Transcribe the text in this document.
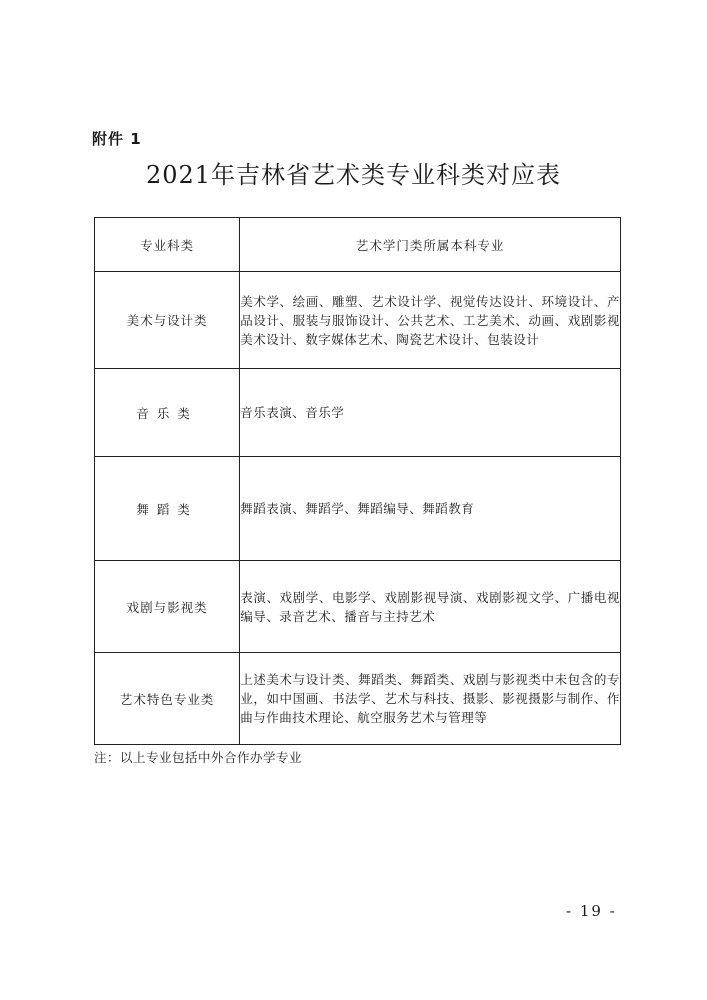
附件 1
2021年吉林省艺术类专业科类对应表
专业科类	艺术学门类所属本科专业
美术与设计类	美术学、绘画、雕塑、艺术设计学、视觉传达设计、环境设计、产品设计、服装与服饰设计、公共艺术、工艺美术、动画、戏剧影视美术设计、数字媒体艺术、陶瓷艺术设计、包装设计
音乐类	音乐表演、音乐学
舞蹈类	舞蹈表演、舞蹈学、舞蹈编导、舞蹈教育
戏剧与影视类	表演、戏剧学、电影学、戏剧影视导演、戏剧影视文学、广播电视编导、录音艺术、播音与主持艺术
艺术特色专业类	上述美术与设计类、舞蹈类、舞蹈类、戏剧与影视类中未包含的专业，如中国画、书法学、艺术与科技、摄影、影视摄影与制作、作曲与作曲技术理论、航空服务艺术与管理等
注：以上专业包括中外合作办学专业
- 19 -
